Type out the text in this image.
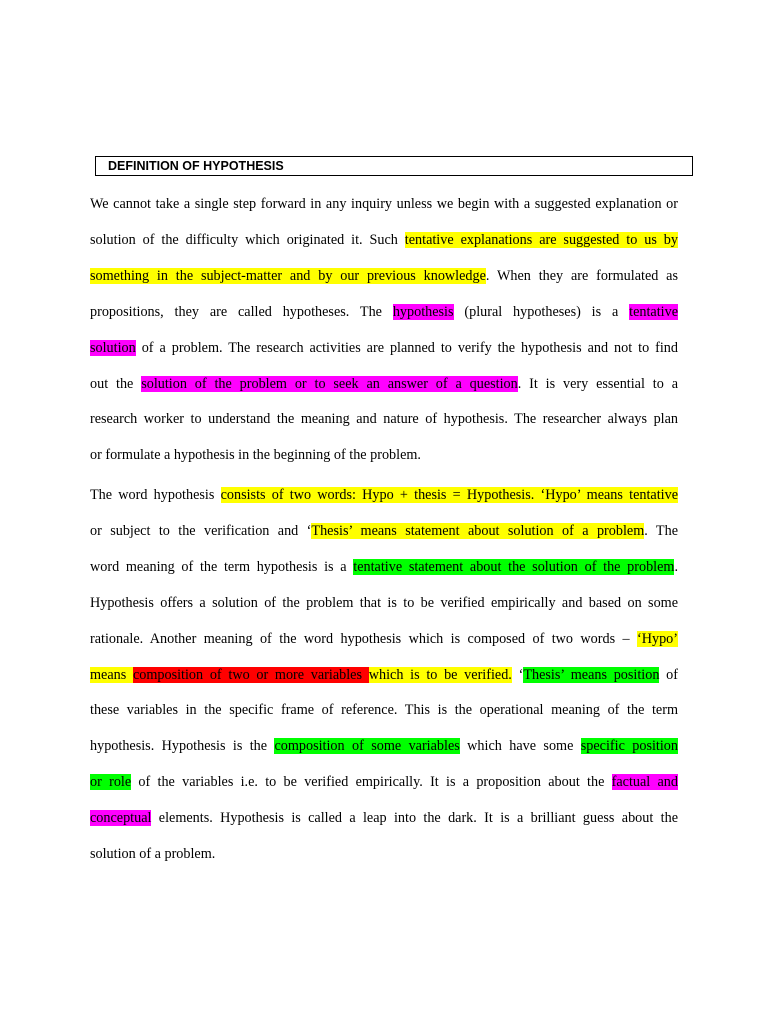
DEFINITION OF HYPOTHESIS
We cannot take a single step forward in any inquiry unless we begin with a suggested explanation or
solution of the difficulty which originated it. Such tentative explanations are suggested to us by
something in the subject-matter and by our previous knowledge. When they are formulated as
propositions, they are called hypotheses. The hypothesis (plural hypotheses) is a tentative
solution of a problem. The research activities are planned to verify the hypothesis and not to find
out the solution of the problem or to seek an answer of a question. It is very essential to a
research worker to understand the meaning and nature of hypothesis. The researcher always plan
or formulate a hypothesis in the beginning of the problem.
The word hypothesis consists of two words: Hypo + thesis = Hypothesis. ‘Hypo’ means tentative
or subject to the verification and ‘Thesis’ means statement about solution of a problem. The
word meaning of the term hypothesis is a tentative statement about the solution of the problem.
Hypothesis offers a solution of the problem that is to be verified empirically and based on some
rationale. Another meaning of the word hypothesis which is composed of two words – ‘Hypo’
means composition of two or more variables which is to be verified. ‘Thesis’ means position of
these variables in the specific frame of reference. This is the operational meaning of the term
hypothesis. Hypothesis is the composition of some variables which have some specific position
or role of the variables i.e. to be verified empirically. It is a proposition about the factual and
conceptual elements. Hypothesis is called a leap into the dark. It is a brilliant guess about the
solution of a problem.
